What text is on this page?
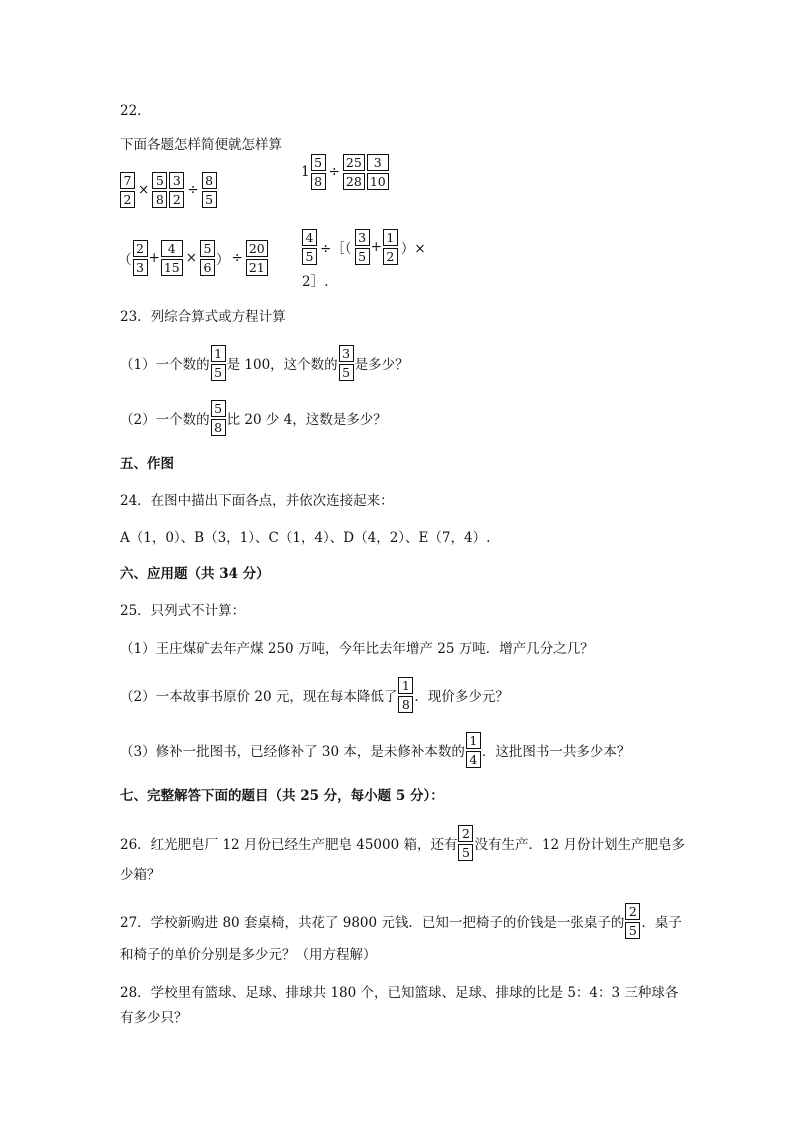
22．
下面各题怎样简便就怎样算
$\frac{7}{2} \times \frac{5}{8} \frac{3}{2} \div \frac{8}{5}$	$1 \frac{5}{8} \div \frac{25}{28} \frac{3}{10}$
（ $\frac{2}{3} + \frac{4}{15} \times \frac{5}{6}$ ） ÷ $\frac{20}{21}$	$\frac{4}{5}$ ÷［（ $\frac{3}{5} + \frac{1}{2}$ ）×
2］.
23．列综合算式或方程计算
（1）一个数的 $\frac{1}{5}$ 是 100，这个数的 $\frac{3}{5}$ 是多少？
（2）一个数的 $\frac{5}{8}$ 比 20 少 4，这数是多少？
五、作图
24．在图中描出下面各点，并依次连接起来：
A（1，0）、B（3，1）、C（1，4）、D（4，2）、E（7，4）.
六、应用题（共 34 分）
25．只列式不计算：
（1）王庄煤矿去年产煤 250 万吨，今年比去年增产 25 万吨．增产几分之几？
（2）一本故事书原价 20 元，现在每本降低了 $\frac{1}{8}$ ．现价多少元？
（3）修补一批图书，已经修补了 30 本，是未修补本数的 $\frac{1}{4}$ ．这批图书一共多少本？
七、完整解答下面的题目（共 25 分，每小题 5 分）：
26．红光肥皂厂 12 月份已经生产肥皂 45000 箱，还有 $\frac{2}{5}$ 没有生产．12 月份计划生产肥皂多
少箱？
27．学校新购进 80 套桌椅，共花了 9800 元钱．已知一把椅子的价钱是一张桌子的 $\frac{2}{5}$ ．桌子
和椅子的单价分别是多少元？（用方程解）
28．学校里有篮球、足球、排球共 180 个，已知篮球、足球、排球的比是 5：4：3 三种球各
有多少只？
